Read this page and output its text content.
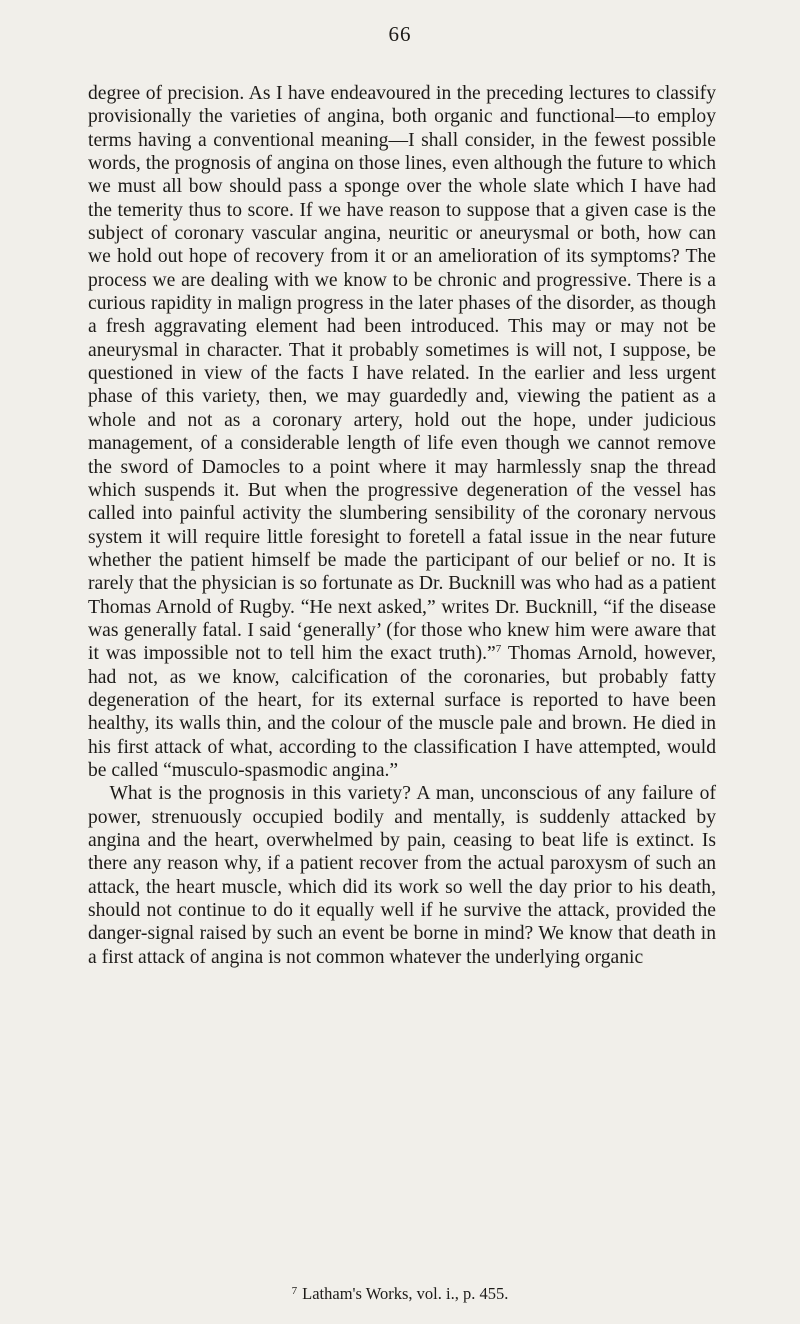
66

degree of precision. As I have endeavoured in the preceding lectures to classify provisionally the varieties of angina, both organic and functional—to employ terms having a conventional meaning—I shall consider, in the fewest possible words, the prognosis of angina on those lines, even although the future to which we must all bow should pass a sponge over the whole slate which I have had the temerity thus to score. If we have reason to suppose that a given case is the subject of coronary vascular angina, neuritic or aneurysmal or both, how can we hold out hope of recovery from it or an amelioration of its symptoms? The process we are dealing with we know to be chronic and progressive. There is a curious rapidity in malign progress in the later phases of the disorder, as though a fresh aggravating element had been introduced. This may or may not be aneurysmal in character. That it probably sometimes is will not, I suppose, be questioned in view of the facts I have related. In the earlier and less urgent phase of this variety, then, we may guardedly and, viewing the patient as a whole and not as a coronary artery, hold out the hope, under judicious management, of a considerable length of life even though we cannot remove the sword of Damocles to a point where it may harmlessly snap the thread which suspends it. But when the progressive degeneration of the vessel has called into painful activity the slumbering sensibility of the coronary nervous system it will require little foresight to foretell a fatal issue in the near future whether the patient himself be made the participant of our belief or no. It is rarely that the physician is so fortunate as Dr. Bucknill was who had as a patient Thomas Arnold of Rugby. “He next asked,” writes Dr. Bucknill, “if the disease was generally fatal. I said ‘generally’ (for those who knew him were aware that it was impossible not to tell him the exact truth).”$^7$ Thomas Arnold, however, had not, as we know, calcification of the coronaries, but probably fatty degeneration of the heart, for its external surface is reported to have been healthy, its walls thin, and the colour of the muscle pale and brown. He died in his first attack of what, according to the classification I have attempted, would be called “musculo-spasmodic angina.”

What is the prognosis in this variety? A man, unconscious of any failure of power, strenuously occupied bodily and mentally, is suddenly attacked by angina and the heart, overwhelmed by pain, ceasing to beat life is extinct. Is there any reason why, if a patient recover from the actual paroxysm of such an attack, the heart muscle, which did its work so well the day prior to his death, should not continue to do it equally well if he survive the attack, provided the danger-signal raised by such an event be borne in mind? We know that death in a first attack of angina is not common whatever the underlying organic

$^7$ Latham's Works, vol. i., p. 455.
